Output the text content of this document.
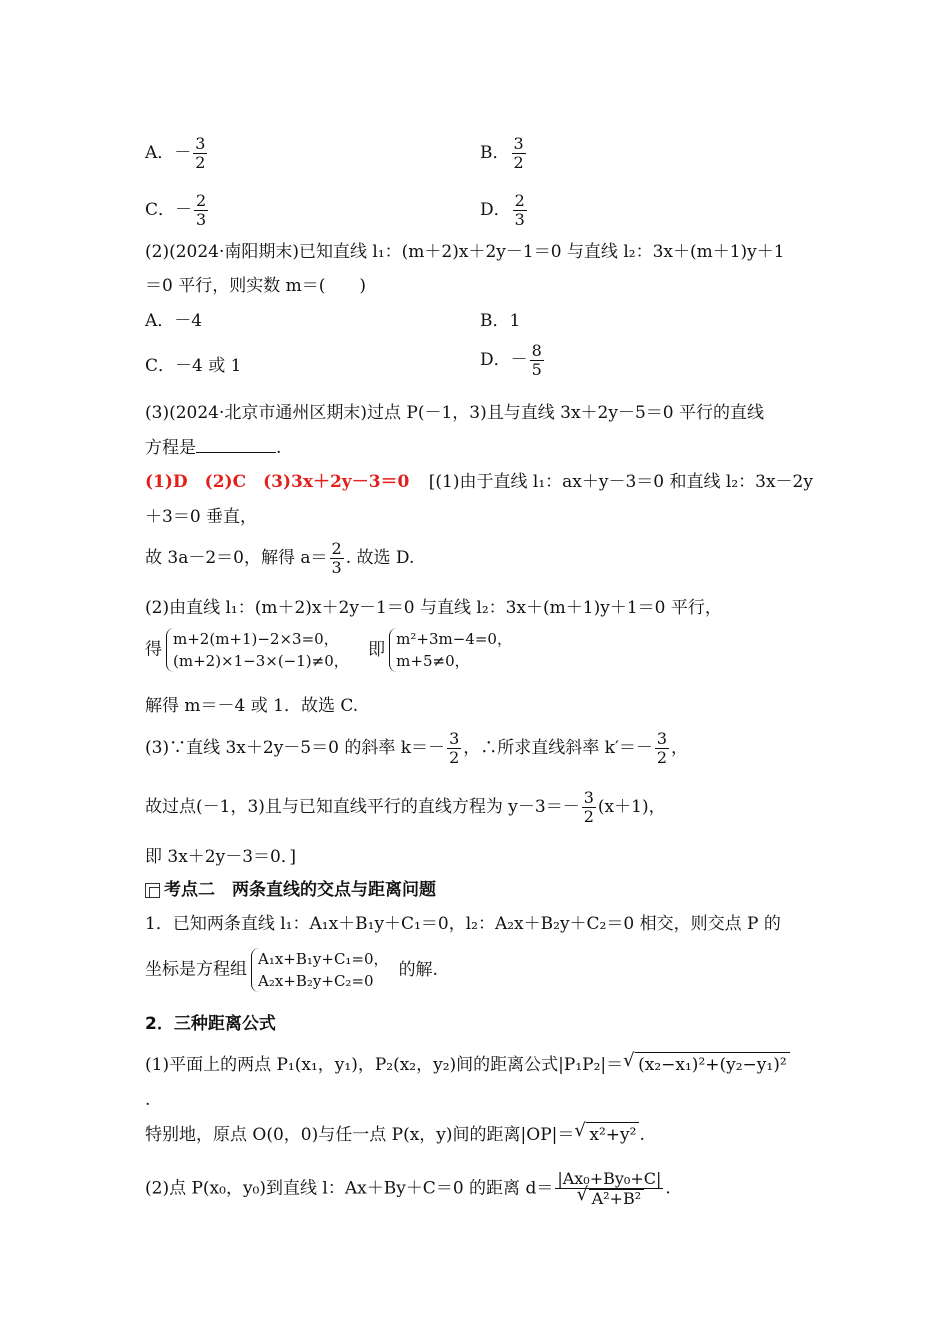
A．－ $\frac{3}{2}$	B． $\frac{3}{2}$
C．－ $\frac{2}{3}$	D． $\frac{2}{3}$
(2)(2024·南阳期末)已知直线 l₁：(m＋2)x＋2y－1＝0 与直线 l₂：3x＋(m＋1)y＋1
＝0 平行，则实数 m＝(　　)
A．－4	B．1
C．－4 或 1	D．－ $\frac{8}{5}$
(3)(2024·北京市通州区期末)过点 P(－1，3)且与直线 3x＋2y－5＝0 平行的直线
方程是	.
(1)D　(2)C　(3)3x＋2y－3＝0 [(1)由于直线 l₁：ax＋y－3＝0 和直线 l₂：3x－2y
＋3＝0 垂直，
故 3a－2＝0，解得 $a= \frac{2}{3}$ . 故选 D.
(2)由直线 l₁：(m＋2)x＋2y－1＝0 与直线 l₂：3x＋(m＋1)y＋1＝0 平行，
得
m+2(m+1)−2×3=0，
(m+2)×1−3×(−1)≠0，
即
m²+3m−4=0，
m+5≠0，
解得 m＝－4 或 1．故选 C.
(3)∵直线 3x＋2y－5＝0 的斜率 $k=- \frac{3}{2}$ ，∴所求直线斜率 $k'=- \frac{3}{2}$ ，
故过点(－1，3)且与已知直线平行的直线方程为 $y-3=- \frac{3}{2} (x+1)$，
即 3x＋2y－3＝0．]
考点二　两条直线的交点与距离问题
1．已知两条直线 l₁：A₁x＋B₁y＋C₁＝0，l₂：A₂x＋B₂y＋C₂＝0 相交，则交点 P 的
坐标是方程组
A₁x+B₁y+C₁=0，
A₂x+B₂y+C₂=0
的解.
2．三种距离公式
(1)平面上的两点 P₁(x₁，y₁)，P₂(x₂，y₂)间的距离公式|P₁P₂|＝ √ (x₂−x₁)²+(y₂−y₁)²
.
特别地，原点 O(0，0)与任一点 P(x，y)间的距离|OP|＝ √ x²+y² .
(2)点 P(x₀，y₀)到直线 l：Ax＋By＋C＝0 的距离 d＝ |Ax₀+By₀+C|
√ A²+B² .
